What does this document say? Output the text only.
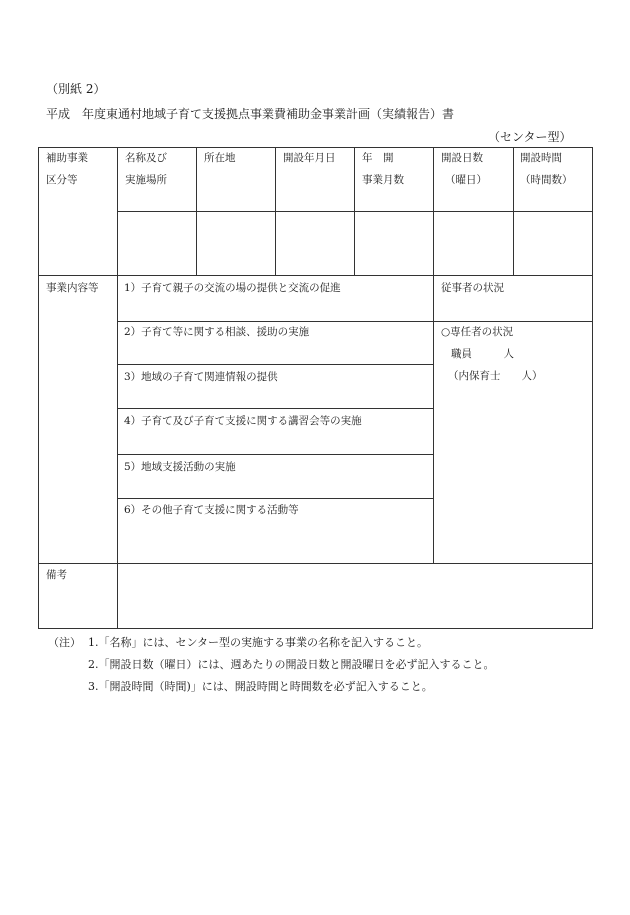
（別紙 2）
平成　年度東通村地域子育て支援拠点事業費補助金事業計画（実績報告）書
（センター型）
補助事業
区分等
名称及び
実施場所
所在地	開設年月日	年　開
事業月数
開設日数
（曜日）
開設時間
（時間数）
事業内容等 1）子育て親子の交流の場の提供と交流の促進
2）子育て等に関する相談、援助の実施
3）地域の子育て関連情報の提供
4）子育て及び子育て支援に関する講習会等の実施
5）地域支援活動の実施
6）その他子育て支援に関する活動等
従事者の状況
○専任者の状況
職員　　　人
（内保育士　　人）
備考
（注） 1.「名称」には、センター型の実施する事業の名称を記入すること。
2.「開設日数（曜日）には、週あたりの開設日数と開設曜日を必ず記入すること。
3.「開設時間（時間)」には、開設時間と時間数を必ず記入すること。
